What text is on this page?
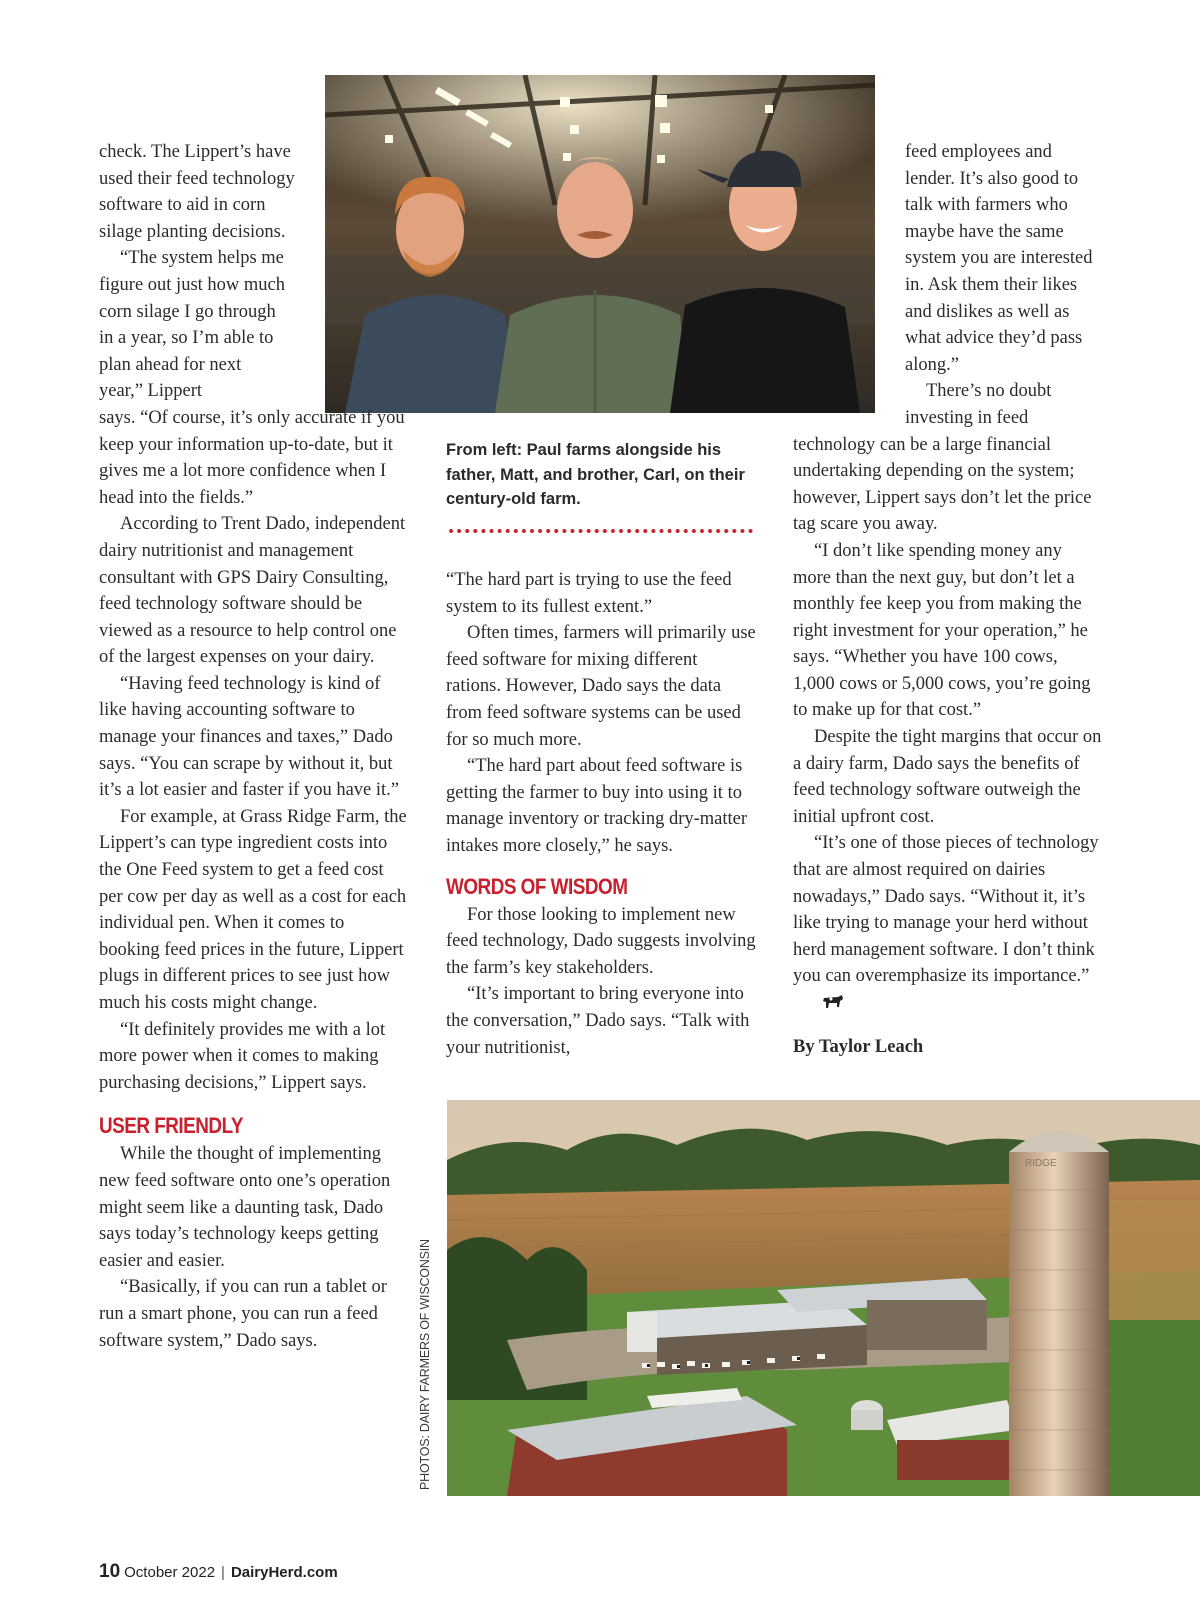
check. The Lippert’s have used their feed technology software to aid in corn silage planting decisions.

“The system helps me figure out just how much corn silage I go through in a year, so I’m able to plan ahead for next year,” Lippert

says. “Of course, it’s only accurate if you keep your information up-to-date, but it gives me a lot more confidence when I head into the fields.”

According to Trent Dado, independent dairy nutritionist and management consultant with GPS Dairy Consulting, feed technology software should be viewed as a resource to help control one of the largest expenses on your dairy.

“Having feed technology is kind of like having accounting software to manage your finances and taxes,” Dado says. “You can scrape by without it, but it’s a lot easier and faster if you have it.”

For example, at Grass Ridge Farm, the Lippert’s can type ingredient costs into the One Feed system to get a feed cost per cow per day as well as a cost for each individual pen. When it comes to booking feed prices in the future, Lippert plugs in different prices to see just how much his costs might change.

“It definitely provides me with a lot more power when it comes to making purchasing decisions,” Lippert says.

USER FRIENDLY

While the thought of implementing new feed software onto one’s operation might seem like a daunting task, Dado says today’s technology keeps getting easier and easier.

“Basically, if you can run a tablet or run a smart phone, you can run a feed software system,” Dado says.

From left: Paul farms alongside his father, Matt, and brother, Carl, on their century-old farm.

“The hard part is trying to use the feed system to its fullest extent.”

Often times, farmers will primarily use feed software for mixing different rations. However, Dado says the data from feed software systems can be used for so much more.

“The hard part about feed software is getting the farmer to buy into using it to manage inventory or tracking dry-matter intakes more closely,” he says.

WORDS OF WISDOM

For those looking to implement new feed technology, Dado suggests involving the farm’s key stakeholders.

“It’s important to bring everyone into the conversation,” Dado says. “Talk with your nutritionist,

feed employees and lender. It’s also good to talk with farmers who maybe have the same system you are interested in. Ask them their likes and dislikes as well as what advice they’d pass along.”

There’s no doubt investing in feed

technology can be a large financial undertaking depending on the system; however, Lippert says don’t let the price tag scare you away.

“I don’t like spending money any more than the next guy, but don’t let a monthly fee keep you from making the right investment for your operation,” he says. “Whether you have 100 cows, 1,000 cows or 5,000 cows, you’re going to make up for that cost.”

Despite the tight margins that occur on a dairy farm, Dado says the benefits of feed technology software outweigh the initial upfront cost.

“It’s one of those pieces of technology that are almost required on dairies nowadays,” Dado says. “Without it, it’s like trying to manage your herd without herd management software. I don’t think you can overemphasize its importance.”

By Taylor Leach

RIDGE
PHOTOS: DAIRY FARMERS OF WISCONSIN
10 October 2022 | DairyHerd.com
